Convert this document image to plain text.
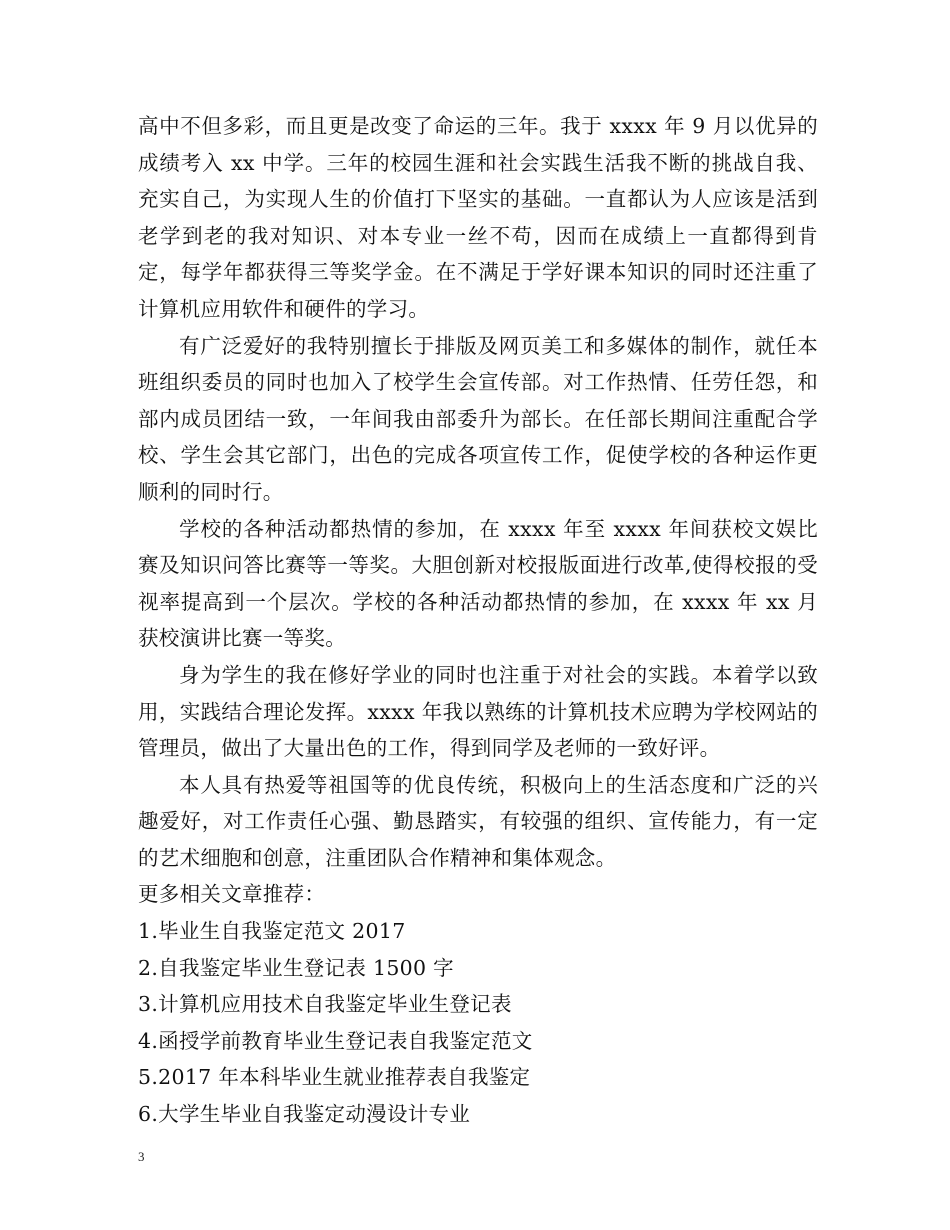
高中不但多彩，而且更是改变了命运的三年。我于 xxxx 年 9 月以优异的成绩考入 xx 中学。三年的校园生涯和社会实践生活我不断的挑战自我、充实自己，为实现人生的价值打下坚实的基础。一直都认为人应该是活到老学到老的我对知识、对本专业一丝不苟，因而在成绩上一直都得到肯定，每学年都获得三等奖学金。在不满足于学好课本知识的同时还注重了计算机应用软件和硬件的学习。

有广泛爱好的我特别擅长于排版及网页美工和多媒体的制作，就任本班组织委员的同时也加入了校学生会宣传部。对工作热情、任劳任怨，和部内成员团结一致，一年间我由部委升为部长。在任部长期间注重配合学校、学生会其它部门，出色的完成各项宣传工作，促使学校的各种运作更顺利的同时行。

学校的各种活动都热情的参加，在 xxxx 年至 xxxx 年间获校文娱比赛及知识问答比赛等一等奖。大胆创新对校报版面进行改革,使得校报的受视率提高到一个层次。学校的各种活动都热情的参加，在 xxxx 年 xx 月获校演讲比赛一等奖。

身为学生的我在修好学业的同时也注重于对社会的实践。本着学以致用，实践结合理论发挥。xxxx 年我以熟练的计算机技术应聘为学校网站的管理员，做出了大量出色的工作，得到同学及老师的一致好评。

本人具有热爱等祖国等的优良传统，积极向上的生活态度和广泛的兴趣爱好，对工作责任心强、勤恳踏实，有较强的组织、宣传能力，有一定的艺术细胞和创意，注重团队合作精神和集体观念。

更多相关文章推荐：

1.毕业生自我鉴定范文 2017
2.自我鉴定毕业生登记表 1500 字
3.计算机应用技术自我鉴定毕业生登记表
4.函授学前教育毕业生登记表自我鉴定范文
5.2017 年本科毕业生就业推荐表自我鉴定
6.大学生毕业自我鉴定动漫设计专业
3
